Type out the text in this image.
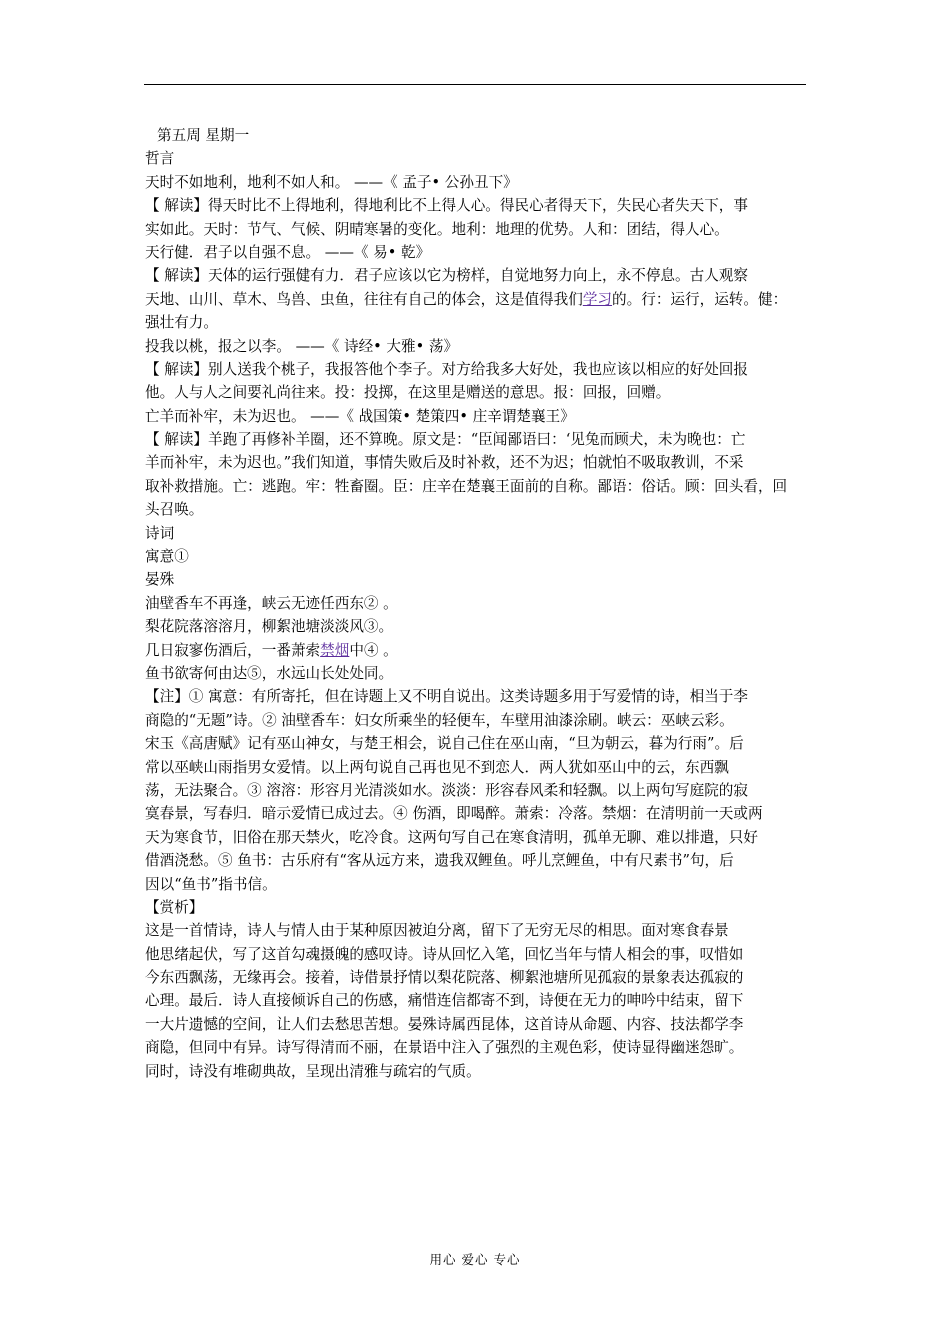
第五周 星期一
哲言
天时不如地利，地利不如人和。 ——《 孟子• 公孙丑下》
【 解读】得天时比不上得地利，得地利比不上得人心。得民心者得天下，失民心者失天下，事
实如此。天时：节气、气候、阴晴寒暑的变化。地利：地理的优势。人和：团结，得人心。
天行健．君子以自强不息。 ——《 易• 乾》
【 解读】天体的运行强健有力．君子应该以它为榜样，自觉地努力向上，永不停息。古人观察
天地、山川、草木、鸟兽、虫鱼，往往有自己的体会，这是值得我们学习的。行：运行，运转。健：
强壮有力。
投我以桃，报之以李。 ——《 诗经• 大雅• 荡》
【 解读】别人送我个桃子，我报答他个李子。对方给我多大好处，我也应该以相应的好处回报
他。人与人之间要礼尚往来。投：投掷，在这里是赠送的意思。报：回报，回赠。
亡羊而补牢，未为迟也。 ——《 战国策• 楚策四• 庄辛谓楚襄王》
【 解读】羊跑了再修补羊圈，还不算晚。原文是：“臣闻鄙语曰：‘见兔而顾犬，未为晚也：亡
羊而补牢，未为迟也。”我们知道，事情失败后及时补救，还不为迟；怕就怕不吸取教训，不采
取补救措施。亡：逃跑。牢：牲畜圈。臣：庄辛在楚襄王面前的自称。鄙语：俗话。顾：回头看，回
头召唤。
诗词
寓意①
晏殊
油壁香车不再逢，峡云无迹任西东② 。
梨花院落溶溶月，柳絮池塘淡淡风③。
几日寂寥伤酒后，一番萧索禁烟中④ 。
鱼书欲寄何由达⑤，水远山长处处同。
【注】① 寓意：有所寄托，但在诗题上又不明自说出。这类诗题多用于写爱情的诗，相当于李
商隐的“无题”诗。② 油壁香车：妇女所乘坐的轻便车，车壁用油漆涂刷。峡云：巫峡云彩。
宋玉《高唐赋》记有巫山神女，与楚王相会，说自己住在巫山南，“旦为朝云，暮为行雨”。后
常以巫峡山雨指男女爱情。以上两句说自己再也见不到恋人．两人犹如巫山中的云，东西飘
荡，无法聚合。③ 溶溶：形容月光清淡如水。淡淡：形容春风柔和轻飘。以上两句写庭院的寂
寞春景，写春归．暗示爱情已成过去。④ 伤酒，即喝醉。萧索：冷落。禁烟：在清明前一天或两
天为寒食节，旧俗在那天禁火，吃冷食。这两句写自己在寒食清明，孤单无聊、难以排遣，只好
借酒浇愁。⑤ 鱼书：古乐府有“客从远方来，遗我双鲤鱼。呼儿烹鲤鱼，中有尺素书”句，后
因以“鱼书”指书信。
【赏析】
这是一首情诗，诗人与情人由于某种原因被迫分离，留下了无穷无尽的相思。面对寒食春景
他思绪起伏，写了这首勾魂摄魄的感叹诗。诗从回忆入笔，回忆当年与情人相会的事，叹惜如
今东西飘荡，无缘再会。接着，诗借景抒情以梨花院落、柳絮池塘所见孤寂的景象表达孤寂的
心理。最后．诗人直接倾诉自己的伤感，痛惜连信都寄不到，诗便在无力的呻吟中结束，留下
一大片遗憾的空间，让人们去愁思苦想。晏殊诗属西昆体，这首诗从命题、内容、技法都学李
商隐，但同中有异。诗写得清而不丽，在景语中注入了强烈的主观色彩，使诗显得幽迷怨旷。
同时，诗没有堆砌典故，呈现出清雅与疏宕的气质。
用心 爱心 专心
